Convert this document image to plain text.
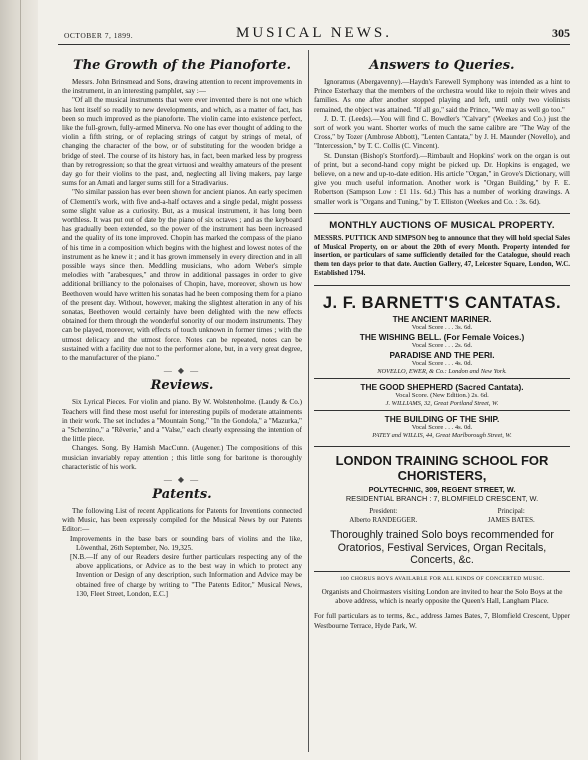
OCTOBER 7, 1899.	MUSICAL NEWS.	305
The Growth of the Pianoforte.

Messrs. John Brinsmead and Sons, drawing attention to recent improvements in the instrument, in an interesting pamphlet, say :—

"Of all the musical instruments that were ever invented there is not one which has lent itself so readily to new developments, and which, as a matter of fact, has been so much improved as the pianoforte. The violin came into existence perfect, like the full-grown, fully-armed Minerva. No one has ever thought of adding to the violin a fifth string, or of replacing strings of catgut by strings of metal, of changing the character of the bow, or of substituting for the wooden bridge a bridge of steel. The course of its history has, in fact, been marked less by progress than by retrogression; so that the great virtuosi and wealthy amateurs of the present day go for their violins to the past, and, neglecting all living makers, pay large sums for an Amati and larger sums still for a Stradivarius.

"No similar passion has ever been shown for ancient pianos. An early specimen of Clementi's work, with five and-a-half octaves and a single pedal, might possess some slight value as a curiosity. But, as a musical instrument, it has long been worthless. It was put out of date by the piano of six octaves ; and as the keyboard has gradually been extended, so the power of the instrument has been increased and the quality of its tone improved. Chopin has marked the compass of the piano of his time in a composition which begins with the highest and lowest notes of the instrument as he knew it ; and it has grown immensely in every direction and in all possible ways since then. Meddling musicians, who adorn Weber's simple melodies with "arabesques," and throw in additional passages in order to give additional brilliancy to the polonaises of Chopin, have, moreover, shown us how Beethoven would have written his sonatas had he been composing them for a piano of the present day. Without, however, making the slightest alteration in any of his sonatas, Beethoven would certainly have been delighted with the new effects obtained for them through the wonderful sonority of our modern instruments. They can be played, moreover, with effects of touch unknown in former times ; with the utmost delicacy and the utmost force. Notes can be repeated, notes can be sustained with a facility due not to the performer alone, but, in a very great degree, to the manufacturer of the piano."

— ◆ —
Reviews.

Six Lyrical Pieces. For violin and piano. By W. Wolstenholme. (Laudy & Co.) Teachers will find these most useful for interesting pupils of moderate attainments in their work. The set includes a "Mountain Song," "In the Gondola," a "Mazurka," a "Scherzino," a "Rêverie," and a "Valse," each clearly expressing the intention of the little piece.

Changes. Song. By Hamish MacCunn. (Augener.) The compositions of this musician invariably repay attention ; this little song for baritone is thoroughly characteristic of his work.

— ◆ —
Patents.

The following List of recent Applications for Patents for Inventions connected with Music, has been expressly compiled for the Musical News by our Patents Editor:—

Improvements in the base bars or sounding bars of violins and the like, Löwenthal, 26th September, No. 19,325.

[N.B.—If any of our Readers desire further particulars respecting any of the above applications, or Advice as to the best way in which to protect any Invention or Design of any description, such Information and Advice may be obtained free of charge by writing to "The Patents Editor," Musical News, 130, Fleet Street, London, E.C.]

Answers to Queries.

Ignoramus (Abergavenny).—Haydn's Farewell Symphony was intended as a hint to Prince Esterhazy that the members of the orchestra would like to rejoin their wives and families. As one after another stopped playing and left, until only two violinists remained, the object was attained. "If all go," said the Prince, "We may as well go too."

J. D. T. (Leeds).—You will find C. Bowdler's "Calvary" (Weekes and Co.) just the sort of work you want. Shorter works of much the same calibre are "The Way of the Cross," by Tozer (Ambrose Abbott), "Lenten Cantata," by J. H. Maunder (Novello), and "Intercession," by T. C. Collis (C. Vincent).

St. Dunstan (Bishop's Stortford).—Rimbault and Hopkins' work on the organ is out of print, but a second-hand copy might be picked up. Dr. Hopkins is engaged, we believe, on a new and up-to-date edition. His article "Organ," in Grove's Dictionary, will give you much useful information. Another work is "Organ Building," by F. E. Robertson (Sampson Low : £1 11s. 6d.) This has a number of working drawings. A smaller work is "Organs and Tuning," by T. Elliston (Weekes and Co. : 3s. 6d).

MONTHLY AUCTIONS OF MUSICAL PROPERTY.

MESSRS. PUTTICK AND SIMPSON beg to announce that they will hold special Sales of Musical Property, on or about the 20th of every Month. Property intended for insertion, or particulars of same sufficiently detailed for the Catalogue, should reach them ten days prior to that date. Auction Gallery, 47, Leicester Square, London, W.C. Established 1794.

J. F. BARNETT'S CANTATAS.
THE ANCIENT MARINER.

Vocal Score . . . 3s. 6d.

THE WISHING BELL. (For Female Voices.)

Vocal Score . . . 2s. 6d.

PARADISE AND THE PERI.

Vocal Score . . . 4s. 0d.

NOVELLO, EWER, & Co.: London and New York.

THE GOOD SHEPHERD (Sacred Cantata).

Vocal Score. (New Edition.) 2s. 6d.

J. WILLIAMS, 32, Great Portland Street, W.

THE BUILDING OF THE SHIP.

Vocal Score . . . 4s. 0d.

PATEY and WILLIS, 44, Great Marlborough Street, W.

LONDON TRAINING SCHOOL FOR CHORISTERS,
POLYTECHNIC, 309, REGENT STREET, W.
RESIDENTIAL BRANCH : 7, BLOMFIELD CRESCENT, W.
President:
Alberto RANDEGGER.
Principal:
JAMES BATES.
Thoroughly trained Solo boys recommended for Oratorios, Festival Services, Organ Recitals, Concerts, &c.
100 CHORUS BOYS AVAILABLE FOR ALL KINDS OF CONCERTED MUSIC.

Organists and Choirmasters visiting London are invited to hear the Solo Boys at the above address, which is nearly opposite the Queen's Hall, Langham Place.

For full particulars as to terms, &c., address James Bates, 7, Blomfield Crescent, Upper Westbourne Terrace, Hyde Park, W.
